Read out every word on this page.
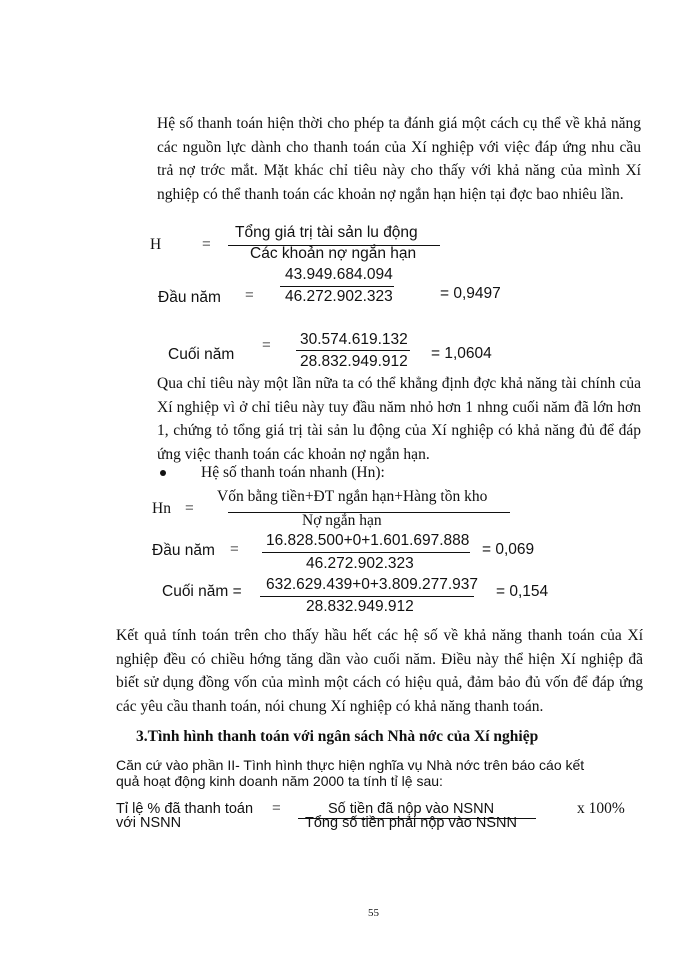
Hệ số thanh toán hiện thời cho phép ta đánh giá một cách cụ thể về khả năng các nguồn lực dành cho thanh toán của Xí nghiệp với việc đáp ứng nhu cầu trả nợ trớc mắt. Mặt khác chỉ tiêu này cho thấy với khả năng của mình Xí nghiệp có thể thanh toán các khoản nợ ngắn hạn hiện tại đợc bao nhiêu lần.
H	=
Tổng giá trị tài sản lu động
Các khoản nợ ngắn hạn
Đầu năm =
43.949.684.094
46.272.902.323	= 0,9497
Cuối năm
= 30.574.619.132
28.832.949.912 = 1,0604
Qua chỉ tiêu này một lần nữa ta có thể khẳng định đợc khả năng tài chính của Xí nghiệp vì ở chỉ tiêu này tuy đầu năm nhỏ hơn 1 nhng cuối năm đã lớn hơn 1, chứng tỏ tổng giá trị tài sản lu động của Xí nghiệp có khả năng đủ để đáp ứng việc thanh toán các khoản nợ ngắn hạn.
Hệ số thanh toán nhanh (Hn):
Hn =
Vốn bằng tiền+ĐT ngắn hạn+Hàng tồn kho
Nợ ngắn hạn
Đầu năm =
16.828.500+0+1.601.697.888
46.272.902.323
= 0,069
Cuối năm = 632.629.439+0+3.809.277.937
28.832.949.912
= 0,154
Kết quả tính toán trên cho thấy hầu hết các hệ số về khả năng thanh toán của Xí nghiệp đều có chiều hớng tăng dần vào cuối năm. Điều này thể hiện Xí nghiệp đã biết sử dụng đồng vốn của mình một cách có hiệu quả, đảm bảo đủ vốn để đáp ứng các yêu cầu thanh toán, nói chung Xí nghiệp có khả năng thanh toán.
3.Tình hình thanh toán với ngân sách Nhà nớc của Xí nghiệp
Căn cứ vào phần II- Tình hình thực hiện nghĩa vụ Nhà nớc trên báo cáo kết quả hoạt động kinh doanh năm 2000 ta tính tỉ lệ sau:
Tỉ lệ % đã thanh toán
với NSNN
=	Số tiền đã nộp vào NSNN
Tổng số tiền phải nộp vào NSNN
x 100%
55
